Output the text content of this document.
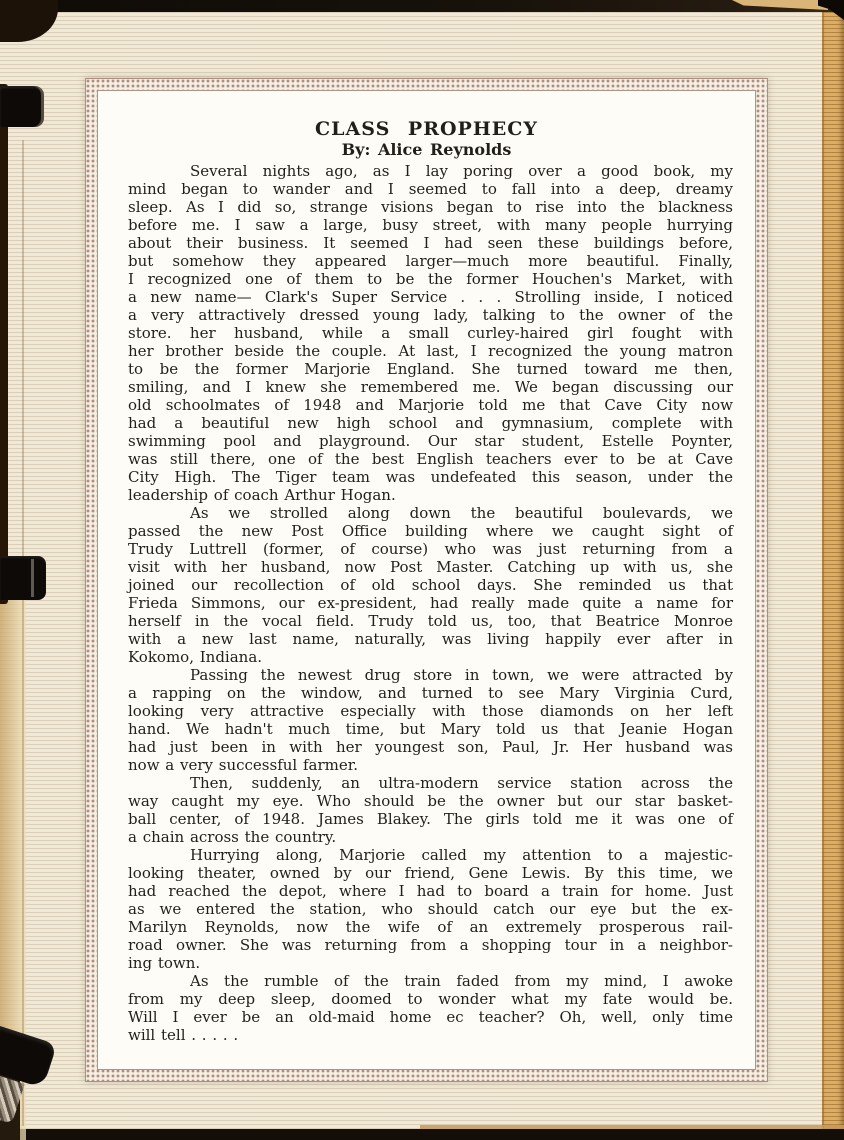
CLASS PROPHECY
By: Alice Reynolds
Several nights ago, as I lay poring over a good book, my
mind began to wander and I seemed to fall into a deep, dreamy
sleep. As I did so, strange visions began to rise into the blackness
before me. I saw a large, busy street, with many people hurrying
about their business. It seemed I had seen these buildings before,
but somehow they appeared larger—much more beautiful. Finally,
I recognized one of them to be the former Houchen's Market, with
a new name— Clark's Super Service . . . Strolling inside, I noticed
a very attractively dressed young lady, talking to the owner of the
store. her husband, while a small curley-haired girl fought with
her brother beside the couple. At last, I recognized the young matron
to be the former Marjorie England. She turned toward me then,
smiling, and I knew she remembered me. We began discussing our
old schoolmates of 1948 and Marjorie told me that Cave City now
had a beautiful new high school and gymnasium, complete with
swimming pool and playground. Our star student, Estelle Poynter,
was still there, one of the best English teachers ever to be at Cave
City High. The Tiger team was undefeated this season, under the
leadership of coach Arthur Hogan.
As we strolled along down the beautiful boulevards, we
passed the new Post Office building where we caught sight of
Trudy Luttrell (former, of course) who was just returning from a
visit with her husband, now Post Master. Catching up with us, she
joined our recollection of old school days. She reminded us that
Frieda Simmons, our ex-president, had really made quite a name for
herself in the vocal field. Trudy told us, too, that Beatrice Monroe
with a new last name, naturally, was living happily ever after in
Kokomo, Indiana.
Passing the newest drug store in town, we were attracted by
a rapping on the window, and turned to see Mary Virginia Curd,
looking very attractive especially with those diamonds on her left
hand. We hadn't much time, but Mary told us that Jeanie Hogan
had just been in with her youngest son, Paul, Jr. Her husband was
now a very successful farmer.
Then, suddenly, an ultra-modern service station across the
way caught my eye. Who should be the owner but our star basket-
ball center, of 1948. James Blakey. The girls told me it was one of
a chain across the country.
Hurrying along, Marjorie called my attention to a majestic-
looking theater, owned by our friend, Gene Lewis. By this time, we
had reached the depot, where I had to board a train for home. Just
as we entered the station, who should catch our eye but the ex-
Marilyn Reynolds, now the wife of an extremely prosperous rail-
road owner. She was returning from a shopping tour in a neighbor-
ing town.
As the rumble of the train faded from my mind, I awoke
from my deep sleep, doomed to wonder what my fate would be.
Will I ever be an old-maid home ec teacher? Oh, well, only time
will tell . . . . .
